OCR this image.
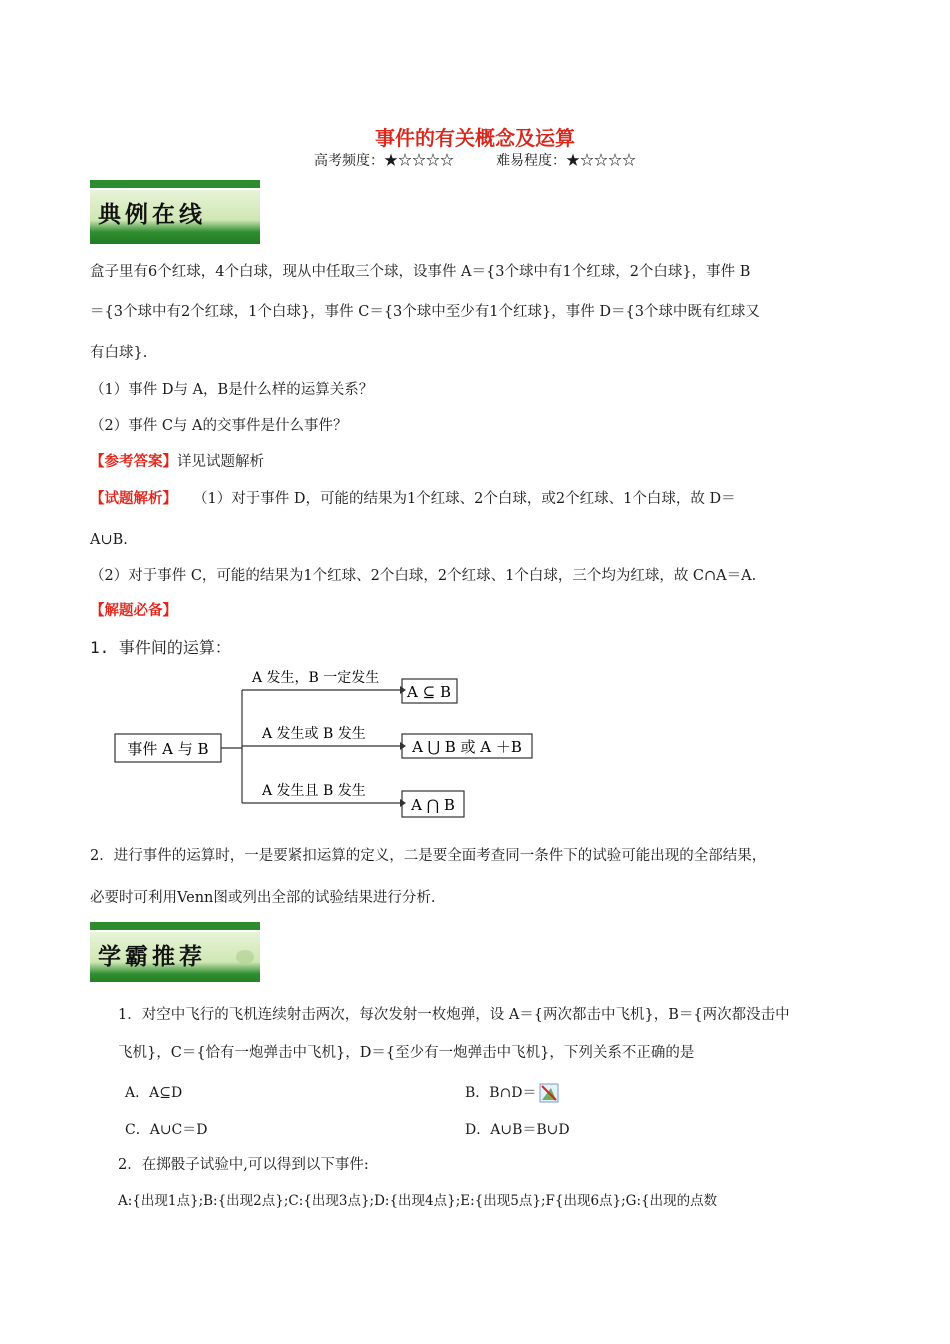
事件的有关概念及运算
高考频度：★☆☆☆☆	难易程度：★☆☆☆☆
典例在线
盒子里有6个红球，4个白球，现从中任取三个球，设事件 A＝{3个球中有1个红球，2个白球}，事件 B
＝{3个球中有2个红球，1个白球}，事件 C＝{3个球中至少有1个红球}，事件 D＝{3个球中既有红球又
有白球}.
（1）事件 D与 A，B是什么样的运算关系？
（2）事件 C与 A的交事件是什么事件？
【参考答案】详见试题解析
【试题解析】 （1）对于事件 D，可能的结果为1个红球、2个白球，或2个红球、1个白球，故 D＝
A∪B.
（2）对于事件 C，可能的结果为1个红球、2个白球，2个红球、1个白球，三个均为红球，故 C∩A＝A.
【解题必备】
1. 事件间的运算：
事件 A 与 B
A 发生，B 一定发生
A ⊆ B
A 发生或 B 发生
A ⋃ B 或 A ＋B
A 发生且 B 发生
A ⋂ B
2．进行事件的运算时，一是要紧扣运算的定义，二是要全面考查同一条件下的试验可能出现的全部结果，
必要时可利用Venn图或列出全部的试验结果进行分析.
学霸推荐
1．对空中飞行的飞机连续射击两次，每次发射一枚炮弹，设 A＝{两次都击中飞机}，B＝{两次都没击中
飞机}，C＝{恰有一炮弹击中飞机}，D＝{至少有一炮弹击中飞机}，下列关系不正确的是
A．A⊆D	B．B∩D＝
C．A∪C＝D	D．A∪B＝B∪D
2．在掷骰子试验中,可以得到以下事件:
A:{出现1点};B:{出现2点};C:{出现3点};D:{出现4点};E:{出现5点};F{出现6点};G:{出现的点数
